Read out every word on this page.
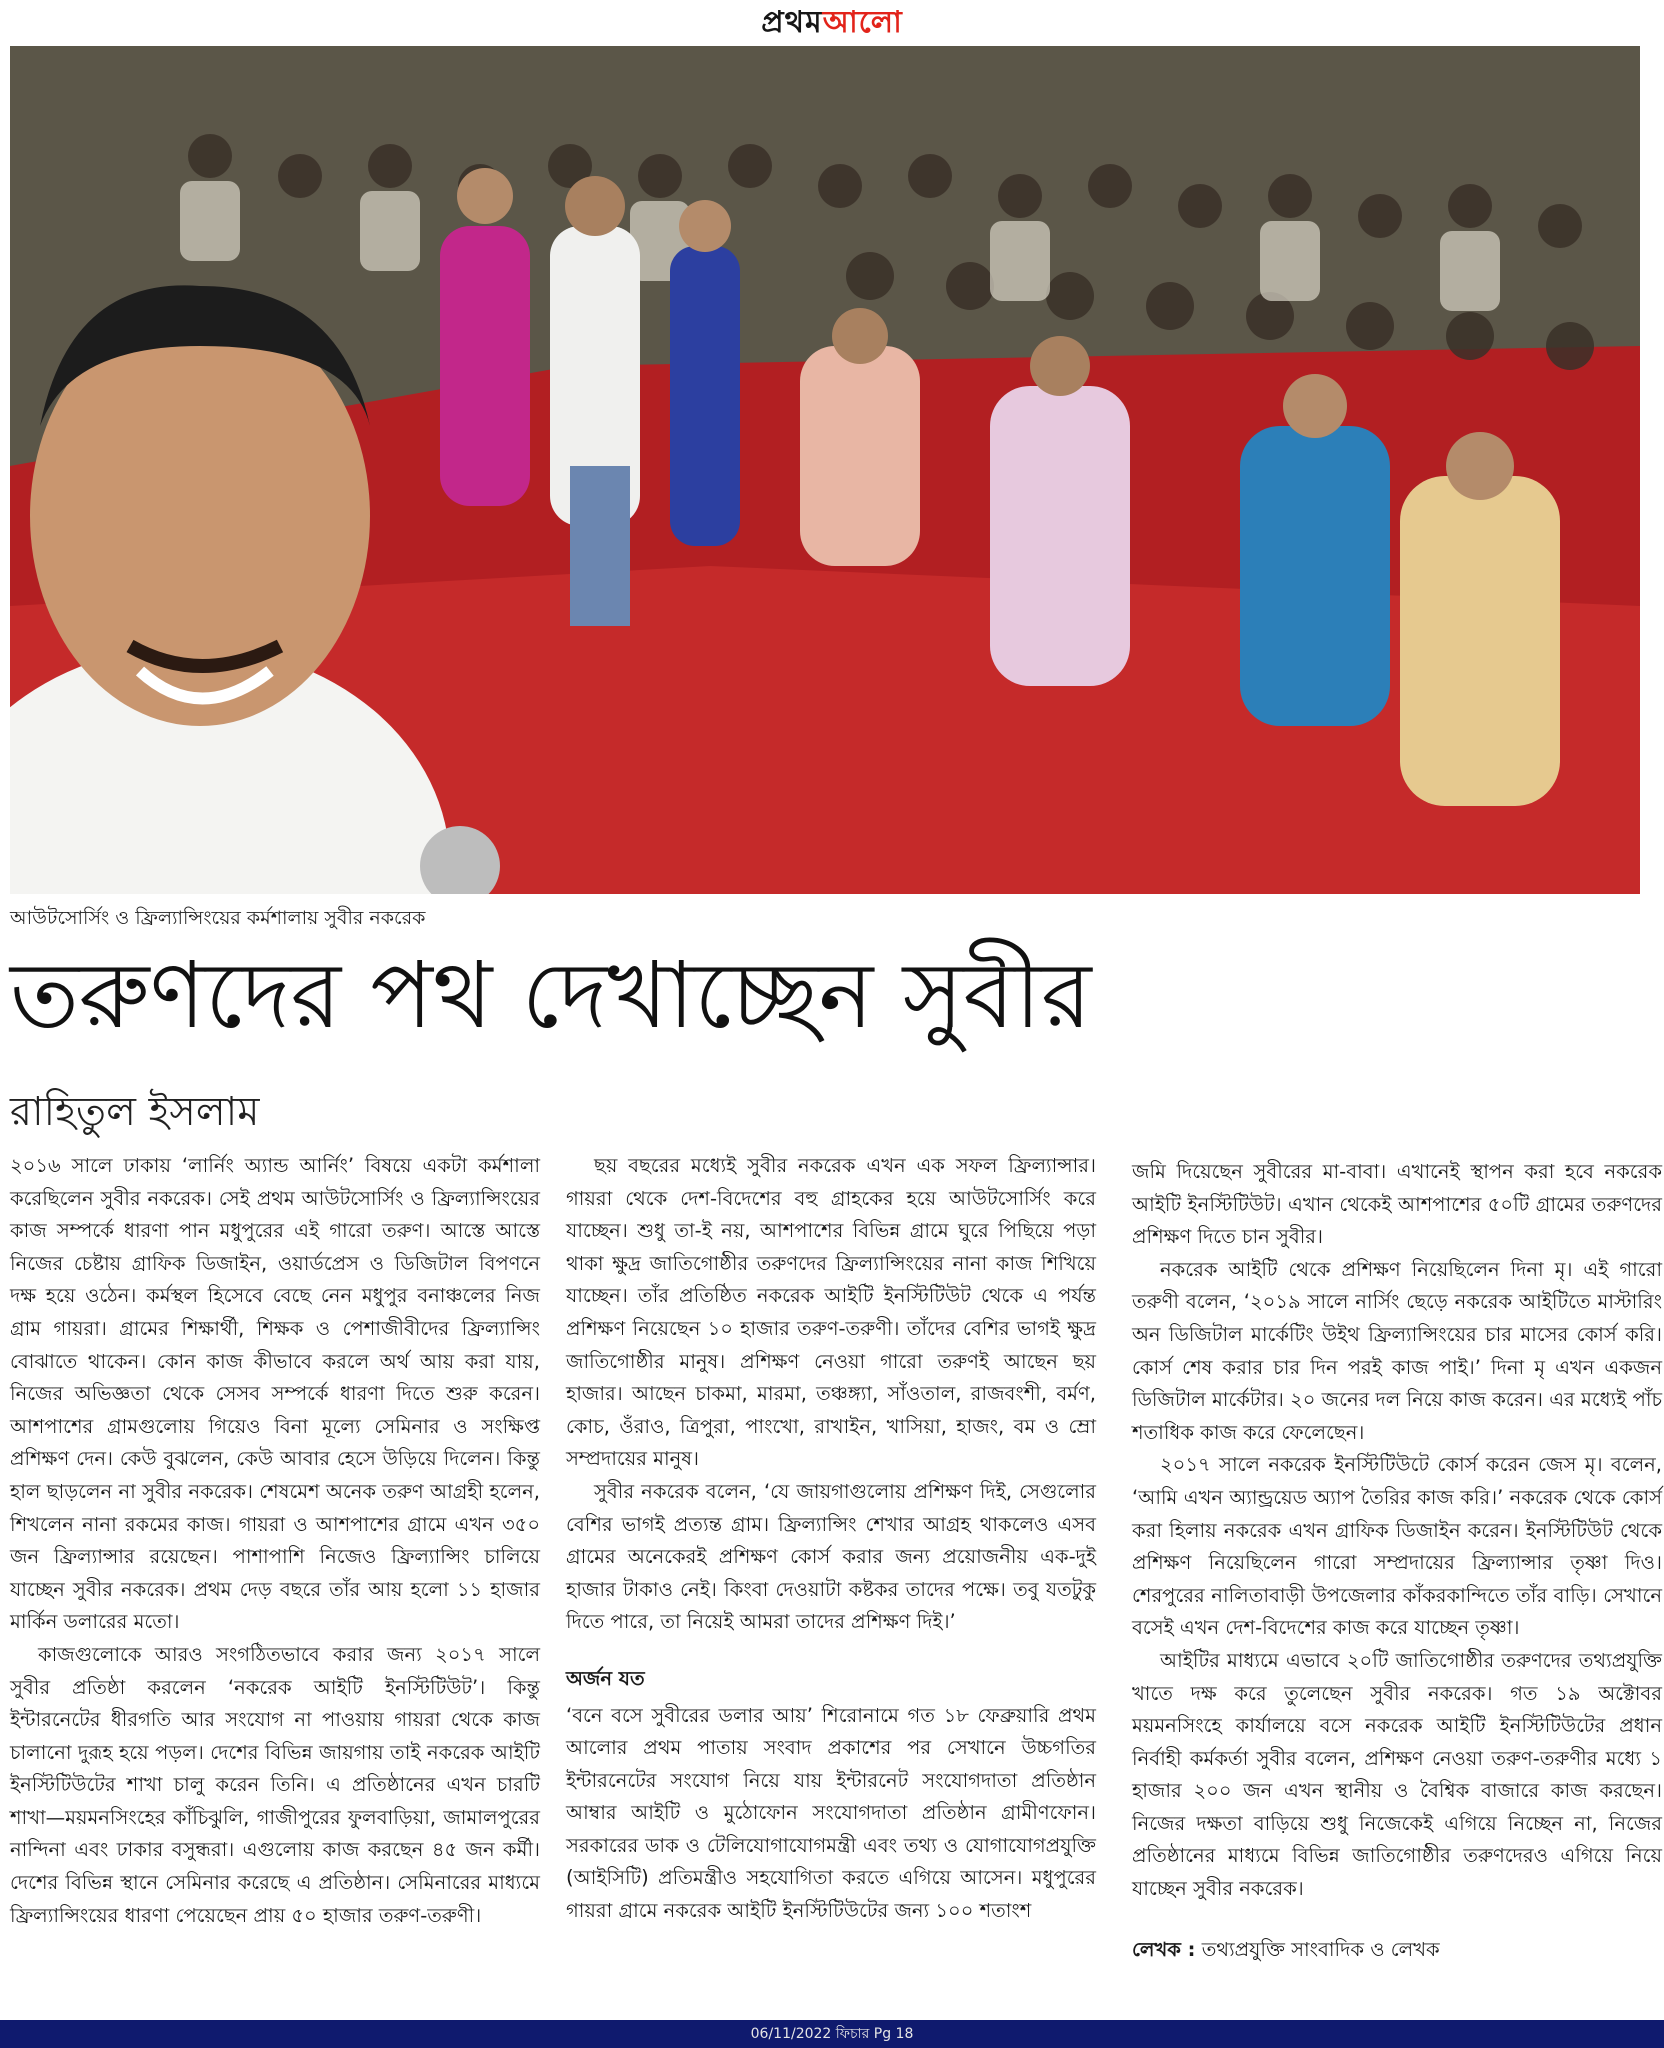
প্রথমআলো
আউটসোর্সিং ও ফ্রিল্যান্সিংয়ের কর্মশালায় সুবীর নকরেক
তরুণদের পথ দেখাচ্ছেন সুবীর
রাহিতুল ইসলাম

২০১৬ সালে ঢাকায় ‘লার্নিং অ্যান্ড আর্নিং’ বিষয়ে একটা কর্মশালা করেছিলেন সুবীর নকরেক। সেই প্রথম আউটসোর্সিং ও ফ্রিল্যান্সিংয়ের কাজ সম্পর্কে ধারণা পান মধুপুরের এই গারো তরুণ। আস্তে আস্তে নিজের চেষ্টায় গ্রাফিক ডিজাইন, ওয়ার্ডপ্রেস ও ডিজিটাল বিপণনে দক্ষ হয়ে ওঠেন। কর্মস্থল হিসেবে বেছে নেন মধুপুর বনাঞ্চলের নিজ গ্রাম গায়রা। গ্রামের শিক্ষার্থী, শিক্ষক ও পেশাজীবীদের ফ্রিল্যান্সিং বোঝাতে থাকেন। কোন কাজ কীভাবে করলে অর্থ আয় করা যায়, নিজের অভিজ্ঞতা থেকে সেসব সম্পর্কে ধারণা দিতে শুরু করেন। আশপাশের গ্রামগুলোয় গিয়েও বিনা মূল্যে সেমিনার ও সংক্ষিপ্ত প্রশিক্ষণ দেন। কেউ বুঝলেন, কেউ আবার হেসে উড়িয়ে দিলেন। কিন্তু হাল ছাড়লেন না সুবীর নকরেক। শেষমেশ অনেক তরুণ আগ্রহী হলেন, শিখলেন নানা রকমের কাজ। গায়রা ও আশপাশের গ্রামে এখন ৩৫০ জন ফ্রিল্যান্সার রয়েছেন। পাশাপাশি নিজেও ফ্রিল্যান্সিং চালিয়ে যাচ্ছেন সুবীর নকরেক। প্রথম দেড় বছরে তাঁর আয় হলো ১১ হাজার মার্কিন ডলারের মতো।

কাজগুলোকে আরও সংগঠিতভাবে করার জন্য ২০১৭ সালে সুবীর প্রতিষ্ঠা করলেন ‘নকরেক আইটি ইনস্টিটিউট’। কিন্তু ইন্টারনেটের ধীরগতি আর সংযোগ না পাওয়ায় গায়রা থেকে কাজ চালানো দুরূহ হয়ে পড়ল। দেশের বিভিন্ন জায়গায় তাই নকরেক আইটি ইনস্টিটিউটের শাখা চালু করেন তিনি। এ প্রতিষ্ঠানের এখন চারটি শাখা—ময়মনসিংহের কাঁচিঝুলি, গাজীপুরের ফুলবাড়িয়া, জামালপুরের নান্দিনা এবং ঢাকার বসুন্ধরা। এগুলোয় কাজ করছেন ৪৫ জন কর্মী। দেশের বিভিন্ন স্থানে সেমিনার করেছে এ প্রতিষ্ঠান। সেমিনারের মাধ্যমে ফ্রিল্যান্সিংয়ের ধারণা পেয়েছেন প্রায় ৫০ হাজার তরুণ-তরুণী।

ছয় বছরের মধ্যেই সুবীর নকরেক এখন এক সফল ফ্রিল্যান্সার। গায়রা থেকে দেশ-বিদেশের বহু গ্রাহকের হয়ে আউটসোর্সিং করে যাচ্ছেন। শুধু তা-ই নয়, আশপাশের বিভিন্ন গ্রামে ঘুরে পিছিয়ে পড়া থাকা ক্ষুদ্র জাতিগোষ্ঠীর তরুণদের ফ্রিল্যান্সিংয়ের নানা কাজ শিখিয়ে যাচ্ছেন। তাঁর প্রতিষ্ঠিত নকরেক আইটি ইনস্টিটিউট থেকে এ পর্যন্ত প্রশিক্ষণ নিয়েছেন ১০ হাজার তরুণ-তরুণী। তাঁদের বেশির ভাগই ক্ষুদ্র জাতিগোষ্ঠীর মানুষ। প্রশিক্ষণ নেওয়া গারো তরুণই আছেন ছয় হাজার। আছেন চাকমা, মারমা, তঞ্চঙ্গ্যা, সাঁওতাল, রাজবংশী, বর্মণ, কোচ, ওঁরাও, ত্রিপুরা, পাংখো, রাখাইন, খাসিয়া, হাজং, বম ও ম্রো সম্প্রদায়ের মানুষ।

সুবীর নকরেক বলেন, ‘যে জায়গাগুলোয় প্রশিক্ষণ দিই, সেগুলোর বেশির ভাগই প্রত্যন্ত গ্রাম। ফ্রিল্যান্সিং শেখার আগ্রহ থাকলেও এসব গ্রামের অনেকেরই প্রশিক্ষণ কোর্স করার জন্য প্রয়োজনীয় এক-দুই হাজার টাকাও নেই। কিংবা দেওয়াটা কষ্টকর তাদের পক্ষে। তবু যতটুকু দিতে পারে, তা নিয়েই আমরা তাদের প্রশিক্ষণ দিই।’

অর্জন যত

‘বনে বসে সুবীরের ডলার আয়’ শিরোনামে গত ১৮ ফেব্রুয়ারি প্রথম আলোর প্রথম পাতায় সংবাদ প্রকাশের পর সেখানে উচ্চগতির ইন্টারনেটের সংযোগ নিয়ে যায় ইন্টারনেট সংযোগদাতা প্রতিষ্ঠান আম্বার আইটি ও মুঠোফোন সংযোগদাতা প্রতিষ্ঠান গ্রামীণফোন। সরকারের ডাক ও টেলিযোগাযোগমন্ত্রী এবং তথ্য ও যোগাযোগপ্রযুক্তি (আইসিটি) প্রতিমন্ত্রীও সহযোগিতা করতে এগিয়ে আসেন। মধুপুরের গায়রা গ্রামে নকরেক আইটি ইনস্টিটিউটের জন্য ১০০ শতাংশ

জমি দিয়েছেন সুবীরের মা-বাবা। এখানেই স্থাপন করা হবে নকরেক আইটি ইনস্টিটিউট। এখান থেকেই আশপাশের ৫০টি গ্রামের তরুণদের প্রশিক্ষণ দিতে চান সুবীর।

নকরেক আইটি থেকে প্রশিক্ষণ নিয়েছিলেন দিনা মৃ। এই গারো তরুণী বলেন, ‘২০১৯ সালে নার্সিং ছেড়ে নকরেক আইটিতে মাস্টারিং অন ডিজিটাল মার্কেটিং উইথ ফ্রিল্যান্সিংয়ের চার মাসের কোর্স করি। কোর্স শেষ করার চার দিন পরই কাজ পাই।’ দিনা মৃ এখন একজন ডিজিটাল মার্কেটার। ২০ জনের দল নিয়ে কাজ করেন। এর মধ্যেই পাঁচ শতাধিক কাজ করে ফেলেছেন।

২০১৭ সালে নকরেক ইনস্টিটিউটে কোর্স করেন জেস মৃ। বলেন, ‘আমি এখন অ্যান্ড্রয়েড অ্যাপ তৈরির কাজ করি।’ নকরেক থেকে কোর্স করা হিলায় নকরেক এখন গ্রাফিক ডিজাইন করেন। ইনস্টিটিউট থেকে প্রশিক্ষণ নিয়েছিলেন গারো সম্প্রদায়ের ফ্রিল্যান্সার তৃষ্ণা দিও। শেরপুরের নালিতাবাড়ী উপজেলার কাঁকরকান্দিতে তাঁর বাড়ি। সেখানে বসেই এখন দেশ-বিদেশের কাজ করে যাচ্ছেন তৃষ্ণা।

আইটির মাধ্যমে এভাবে ২০টি জাতিগোষ্ঠীর তরুণদের তথ্যপ্রযুক্তি খাতে দক্ষ করে তুলেছেন সুবীর নকরেক। গত ১৯ অক্টোবর ময়মনসিংহে কার্যালয়ে বসে নকরেক আইটি ইনস্টিটিউটের প্রধান নির্বাহী কর্মকর্তা সুবীর বলেন, প্রশিক্ষণ নেওয়া তরুণ-তরুণীর মধ্যে ১ হাজার ২০০ জন এখন স্থানীয় ও বৈশ্বিক বাজারে কাজ করছেন। নিজের দক্ষতা বাড়িয়ে শুধু নিজেকেই এগিয়ে নিচ্ছেন না, নিজের প্রতিষ্ঠানের মাধ্যমে বিভিন্ন জাতিগোষ্ঠীর তরুণদেরও এগিয়ে নিয়ে যাচ্ছেন সুবীর নকরেক।

লেখক : তথ্যপ্রযুক্তি সাংবাদিক ও লেখক

06/11/2022 ফিচার Pg 18
